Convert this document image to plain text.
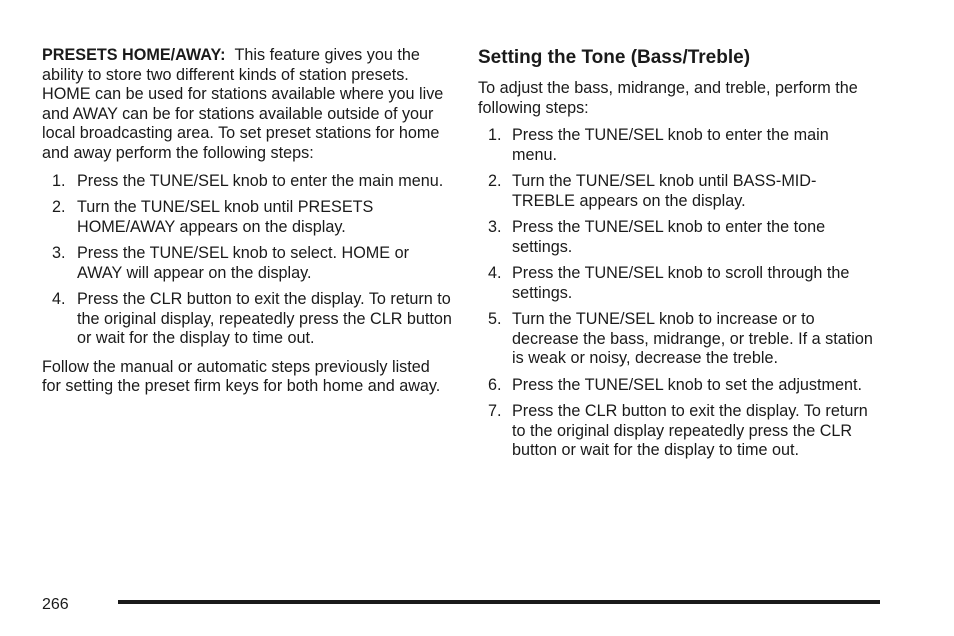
PRESETS HOME/AWAY: This feature gives you the ability to store two different kinds of station presets. HOME can be used for stations available where you live and AWAY can be for stations available outside of your local broadcasting area. To set preset stations for home and away perform the following steps:

1. Press the TUNE/SEL knob to enter the main menu.
2. Turn the TUNE/SEL knob until PRESETS HOME/AWAY appears on the display.
3. Press the TUNE/SEL knob to select. HOME or AWAY will appear on the display.
4. Press the CLR button to exit the display. To return to the original display, repeatedly press the CLR button or wait for the display to time out.

Follow the manual or automatic steps previously listed for setting the preset firm keys for both home and away.

Setting the Tone (Bass/Treble)

To adjust the bass, midrange, and treble, perform the following steps:

1. Press the TUNE/SEL knob to enter the main menu.
2. Turn the TUNE/SEL knob until BASS-MID-TREBLE appears on the display.
3. Press the TUNE/SEL knob to enter the tone settings.
4. Press the TUNE/SEL knob to scroll through the settings.
5. Turn the TUNE/SEL knob to increase or to decrease the bass, midrange, or treble. If a station is weak or noisy, decrease the treble.
6. Press the TUNE/SEL knob to set the adjustment.
7. Press the CLR button to exit the display. To return to the original display repeatedly press the CLR button or wait for the display to time out.
266
